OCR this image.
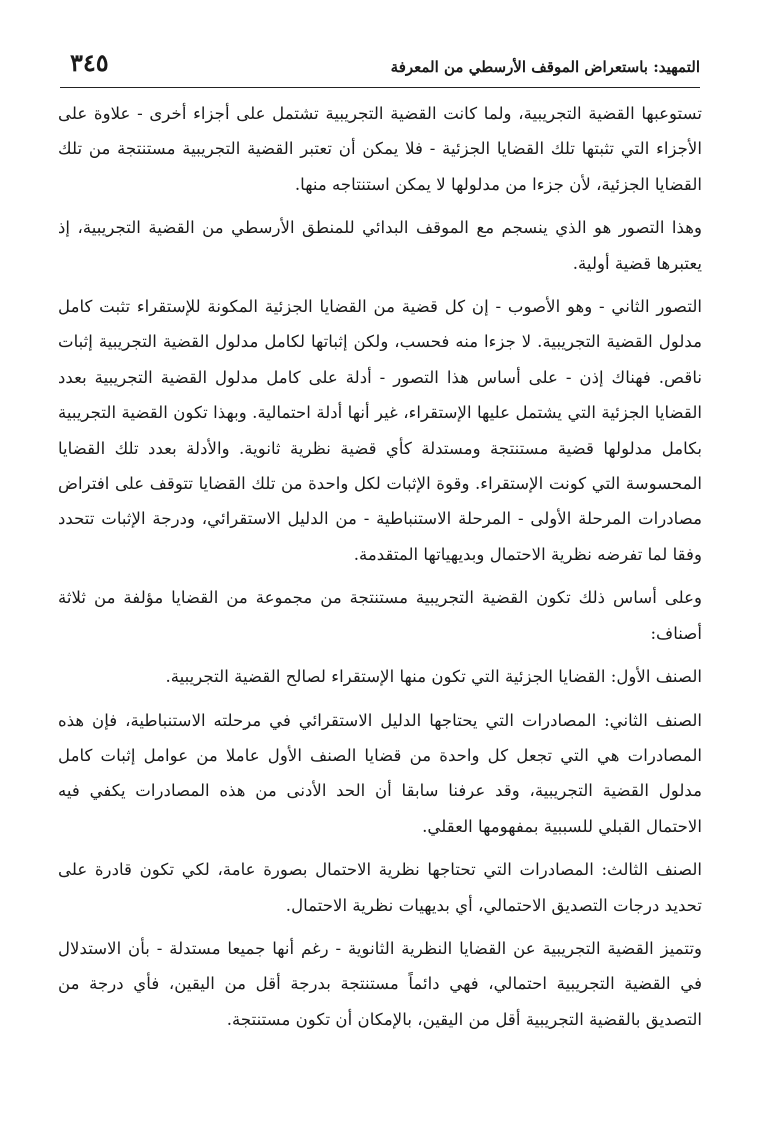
التمهيد: باستعراض الموقف الأرسطي من المعرفة
٣٤٥

تستوعبها القضية التجريبية، ولما كانت القضية التجريبية تشتمل على أجزاء أخرى - علاوة على الأجزاء التي تثبتها تلك القضايا الجزئية - فلا يمكن أن تعتبر القضية التجريبية مستنتجة من تلك القضايا الجزئية، لأن جزءا من مدلولها لا يمكن استنتاجه منها.

وهذا التصور هو الذي ينسجم مع الموقف البدائي للمنطق الأرسطي من القضية التجريبية، إذ يعتبرها قضية أولية.

التصور الثاني - وهو الأصوب - إن كل قضية من القضايا الجزئية المكونة للإستقراء تثبت كامل مدلول القضية التجريبية. لا جزءا منه فحسب، ولكن إثباتها لكامل مدلول القضية التجريبية إثبات ناقص. فهناك إذن - على أساس هذا التصور - أدلة على كامل مدلول القضية التجريبية بعدد القضايا الجزئية التي يشتمل عليها الإستقراء، غير أنها أدلة احتمالية. وبهذا تكون القضية التجريبية بكامل مدلولها قضية مستنتجة ومستدلة كأي قضية نظرية ثانوية. والأدلة بعدد تلك القضايا المحسوسة التي كونت الإستقراء. وقوة الإثبات لكل واحدة من تلك القضايا تتوقف على افتراض مصادرات المرحلة الأولى - المرحلة الاستنباطية - من الدليل الاستقرائي، ودرجة الإثبات تتحدد وفقا لما تفرضه نظرية الاحتمال وبديهياتها المتقدمة.

وعلى أساس ذلك تكون القضية التجريبية مستنتجة من مجموعة من القضايا مؤلفة من ثلاثة أصناف:

الصنف الأول: القضايا الجزئية التي تكون منها الإستقراء لصالح القضية التجريبية.

الصنف الثاني: المصادرات التي يحتاجها الدليل الاستقرائي في مرحلته الاستنباطية، فإن هذه المصادرات هي التي تجعل كل واحدة من قضايا الصنف الأول عاملا من عوامل إثبات كامل مدلول القضية التجريبية، وقد عرفنا سابقا أن الحد الأدنى من هذه المصادرات يكفي فيه الاحتمال القبلي للسببية بمفهومها العقلي.

الصنف الثالث: المصادرات التي تحتاجها نظرية الاحتمال بصورة عامة، لكي تكون قادرة على تحديد درجات التصديق الاحتمالي، أي بديهيات نظرية الاحتمال.

وتتميز القضية التجريبية عن القضايا النظرية الثانوية - رغم أنها جميعا مستدلة - بأن الاستدلال في القضية التجريبية احتمالي، فهي دائماً مستنتجة بدرجة أقل من اليقين، فأي درجة من التصديق بالقضية التجريبية أقل من اليقين، بالإمكان أن تكون مستنتجة.
